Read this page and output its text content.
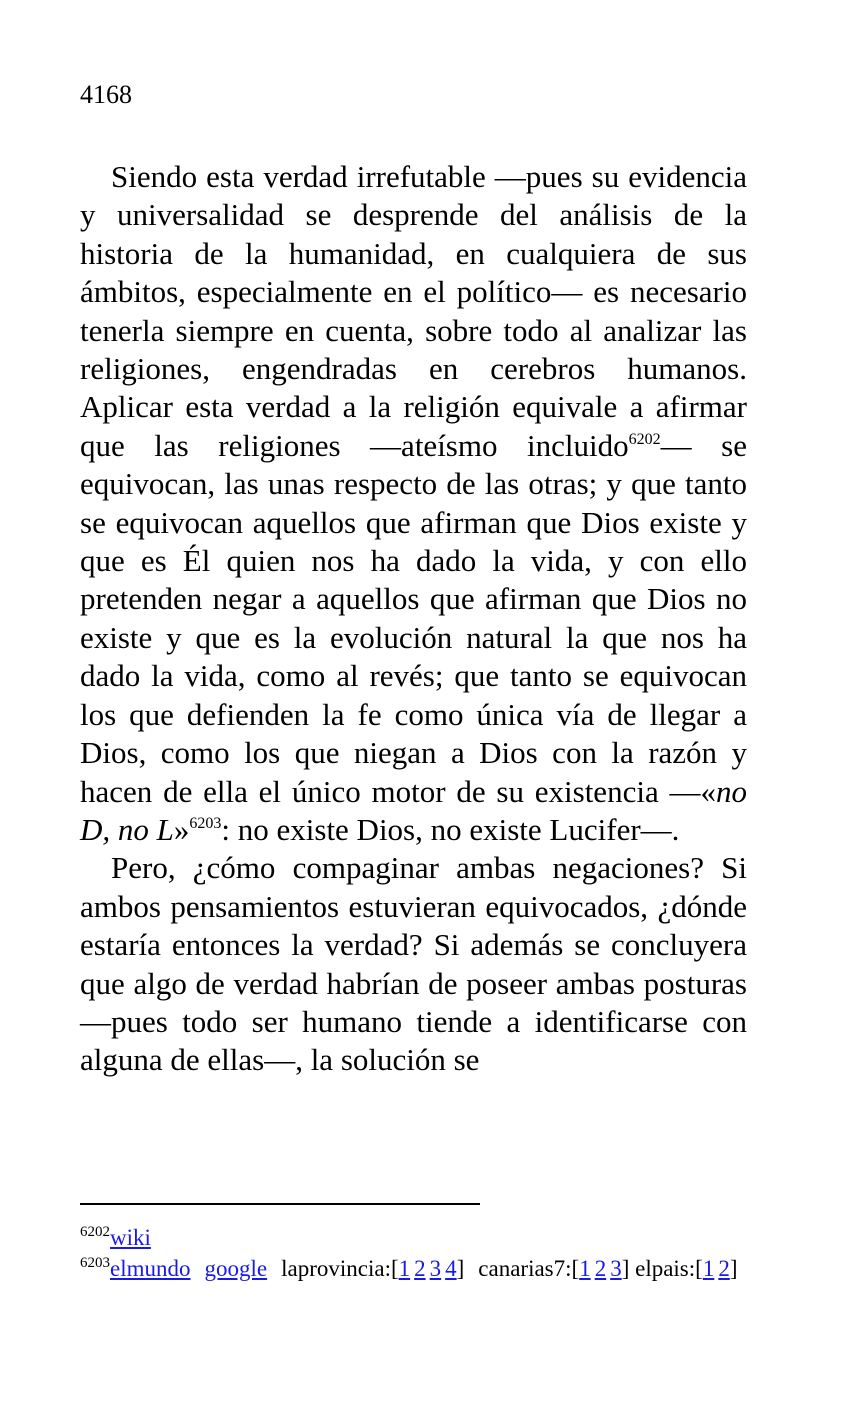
4168

Siendo esta verdad irrefutable —pues su evidencia y universalidad se desprende del análisis de la historia de la humanidad, en cualquiera de sus ámbitos, especialmente en el político— es necesario tenerla siempre en cuenta, sobre todo al analizar las religiones, engendradas en cerebros humanos. Aplicar esta verdad a la religión equivale a afirmar que las religiones —ateísmo incluido$^{6202}$— se equivocan, las unas respecto de las otras; y que tanto se equivocan aquellos que afirman que Dios existe y que es Él quien nos ha dado la vida, y con ello pretenden negar a aquellos que afirman que Dios no existe y que es la evolución natural la que nos ha dado la vida, como al revés; que tanto se equivocan los que defienden la fe como única vía de llegar a Dios, como los que niegan a Dios con la razón y hacen de ella el único motor de su existencia —«no D, no L»$^{6203}$: no existe Dios, no existe Lucifer—.

Pero, ¿cómo compaginar ambas negaciones? Si ambos pensamientos estuvieran equivocados, ¿dónde estaría entonces la verdad? Si además se concluyera que algo de verdad habrían de poseer ambas posturas —pues todo ser humano tiende a identificarse con alguna de ellas—, la solución se

$^{6202}$wiki
$^{6203}$elmundo google laprovincia:[1 2 3 4] canarias7:[1 2 3] elpais:[1 2]
